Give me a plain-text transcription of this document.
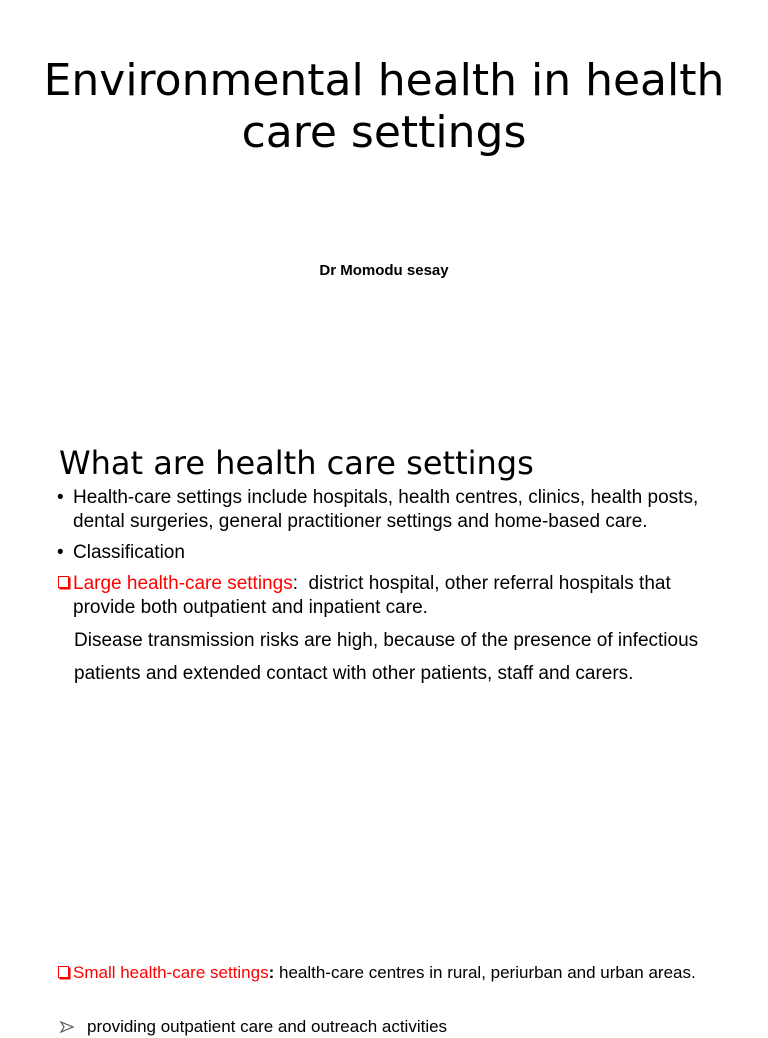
Environmental health in health care settings

Dr Momodu sesay

What are health care settings

• Health-care settings include hospitals, health centres, clinics, health posts, dental surgeries, general practitioner settings and home-based care.

• Classification

Large health-care settings:  district hospital, other referral hospitals that provide both outpatient and inpatient care.

Disease transmission risks are high, because of the presence of infectious patients and extended contact with other patients, staff and carers.

Small health-care settings: health-care centres in rural, periurban and urban areas.

providing outpatient care and outreach activities
